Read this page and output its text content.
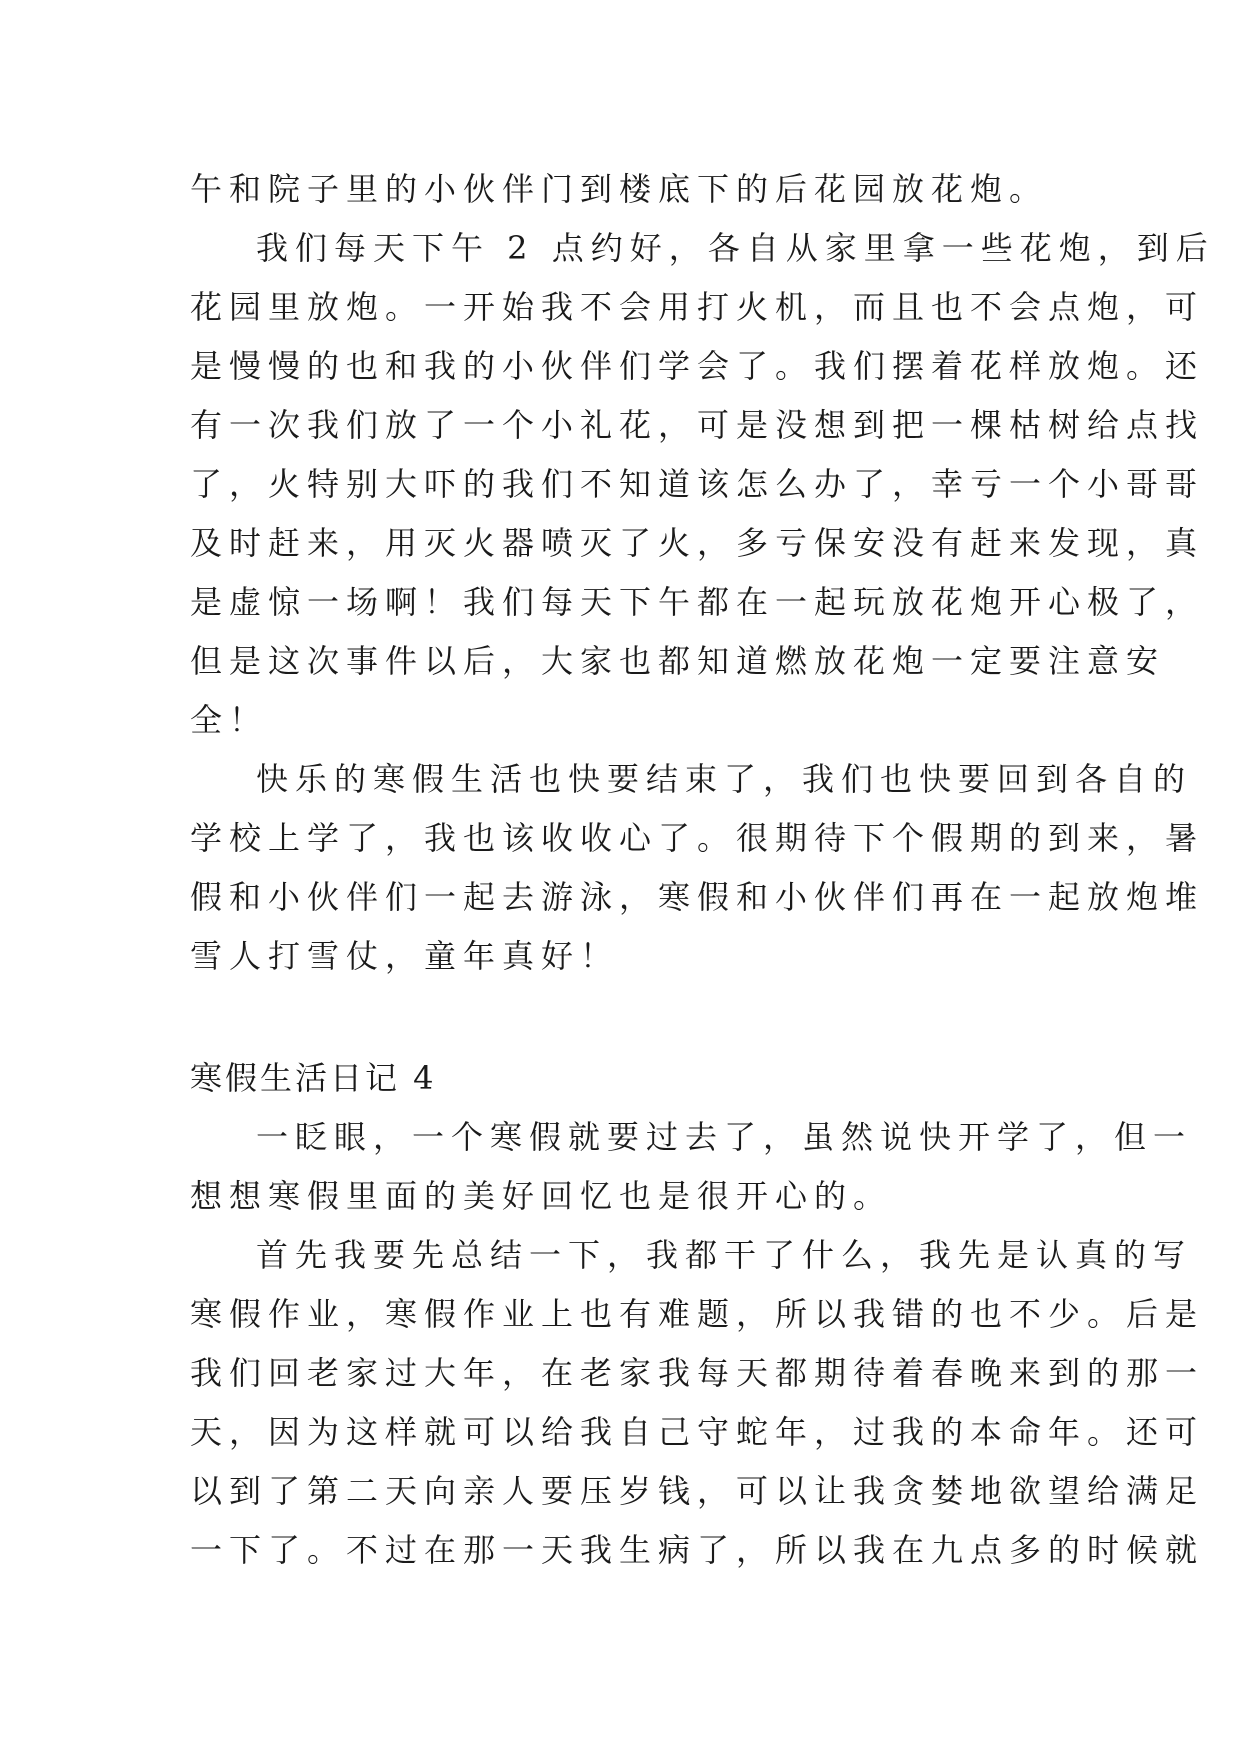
午和院子里的小伙伴门到楼底下的后花园放花炮。
我们每天下午 2 点约好，各自从家里拿一些花炮，到后
花园里放炮。一开始我不会用打火机，而且也不会点炮，可
是慢慢的也和我的小伙伴们学会了。我们摆着花样放炮。还
有一次我们放了一个小礼花，可是没想到把一棵枯树给点找
了，火特别大吓的我们不知道该怎么办了，幸亏一个小哥哥
及时赶来，用灭火器喷灭了火，多亏保安没有赶来发现，真
是虚惊一场啊！我们每天下午都在一起玩放花炮开心极了，
但是这次事件以后，大家也都知道燃放花炮一定要注意安
全！
快乐的寒假生活也快要结束了，我们也快要回到各自的
学校上学了，我也该收收心了。很期待下个假期的到来，暑
假和小伙伴们一起去游泳，寒假和小伙伴们再在一起放炮堆
雪人打雪仗，童年真好！
寒假生活日记 4
一眨眼，一个寒假就要过去了，虽然说快开学了，但一
想想寒假里面的美好回忆也是很开心的。
首先我要先总结一下，我都干了什么，我先是认真的写
寒假作业，寒假作业上也有难题，所以我错的也不少。后是
我们回老家过大年，在老家我每天都期待着春晚来到的那一
天，因为这样就可以给我自己守蛇年，过我的本命年。还可
以到了第二天向亲人要压岁钱，可以让我贪婪地欲望给满足
一下了。不过在那一天我生病了，所以我在九点多的时候就
